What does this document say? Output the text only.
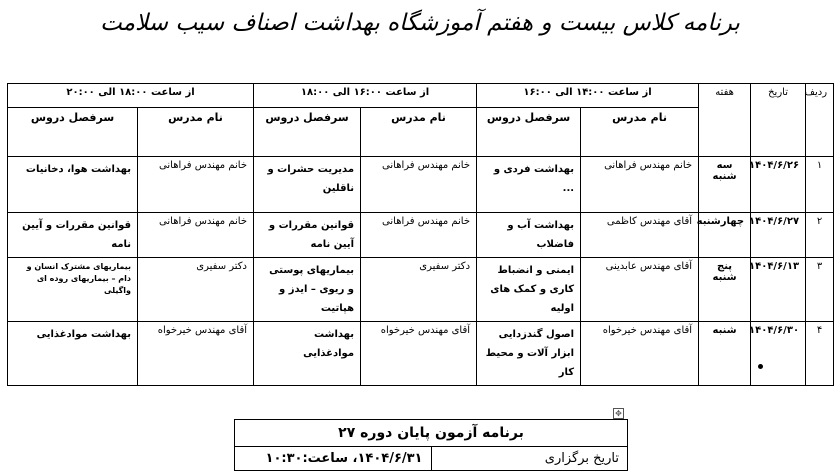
برنامه کلاس بیست و هفتم آموزشگاه بهداشت اصناف سیب سلامت
ردیف	تاریخ	هفته	از ساعت ۱۴:۰۰ الی ۱۶:۰۰		از ساعت ۱۶:۰۰ الی ۱۸:۰۰		از ساعت ۱۸:۰۰ الی ۲۰:۰۰	
			نام مدرس	سرفصل دروس	نام مدرس	سرفصل دروس	نام مدرس	سرفصل دروس
۱	۱۴۰۴/۶/۲۶	سه شنبه	خانم مهندس فراهانی	بهداشت فردی و ...	خانم مهندس فراهانی	مدیریت حشرات و ناقلین	خانم مهندس فراهانی	بهداشت هوا، دخانیات
۲	۱۴۰۴/۶/۲۷	چهارشنبه	آقای مهندس کاظمی	بهداشت آب و فاضلاب	خانم مهندس فراهانی	قوانین مقررات و آیین نامه	خانم مهندس فراهانی	قوانین مقررات و آیین نامه
۳	۱۴۰۴/۶/۱۳	پنج شنبه	آقای مهندس عابدینی	ایمنی و انضباط کاری و کمک های اولیه	دکتر سفیری	بیماریهای پوستی و ریوی – ایدز و هپاتیت	دکتر سفیری	بیماریهای مشترک انسان و دام – بیماریهای روده ای واگیلی
۴	۱۴۰۴/۶/۳۰	شنبه	آقای مهندس خیرخواه	اصول گندزدایی ابزار آلات و محیط کار	آقای مهندس خیرخواه	بهداشت موادغذایی	آقای مهندس خیرخواه	بهداشت موادغذایی
✥
برنامه آزمون پایان دوره ۲۷
تاریخ برگزاری	۱۴۰۴/۶/۳۱، ساعت:۱۰:۳۰
